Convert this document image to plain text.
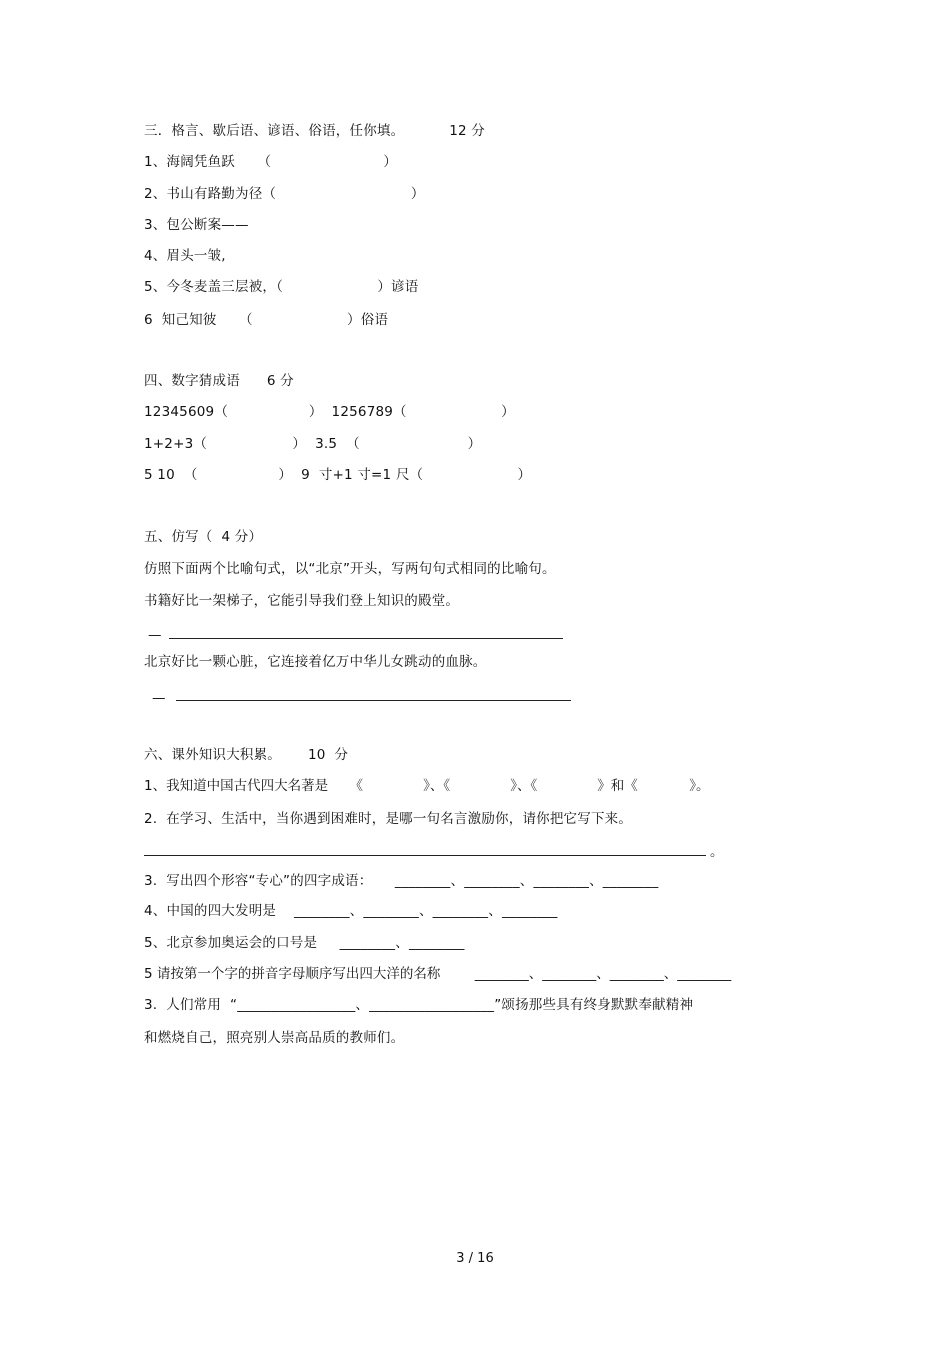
三．格言、歇后语、谚语、俗语，任你填。          12 分
1、海阔凭鱼跃     （                         ）
2、书山有路勤为径（                              ）
3、包公断案——
4、眉头一皱,
5、今冬麦盖三层被，（                     ）谚语
6  知己知彼     （                     ）俗语
四、数字猜成语      6 分
12345609（                  ）  1256789（                     ）
1+2+3（                   ）  3.5  （                        ）
5 10  （                  ）  9  寸+1 寸=1 尺（                     ）
五、仿写（  4 分）
仿照下面两个比喻句式，以“北京”开头，写两句句式相同的比喻句。
书籍好比一架梯子，它能引导我们登上知识的殿堂。
—
北京好比一颗心脏，它连接着亿万中华儿女跳动的血脉。
—
六、课外知识大积累。      10  分
1、我知道中国古代四大名著是     《              》、《              》、《              》和《            》。
2.  在学习、生活中，当你遇到困难时，是哪一句名言激励你，请你把它写下来。
。
3.  写出四个形容“专心”的四字成语：     ________、________、________、________
4、中国的四大发明是    ________、________、________、________
5、北京参加奥运会的口号是     ________、________
5 请按第一个字的拼音字母顺序写出四大洋的名称        ________、________、________、________
3.  人们常用  “_________________、__________________”颂扬那些具有终身默默奉献精神
和燃烧自己，照亮别人崇高品质的教师们。
3 / 16
